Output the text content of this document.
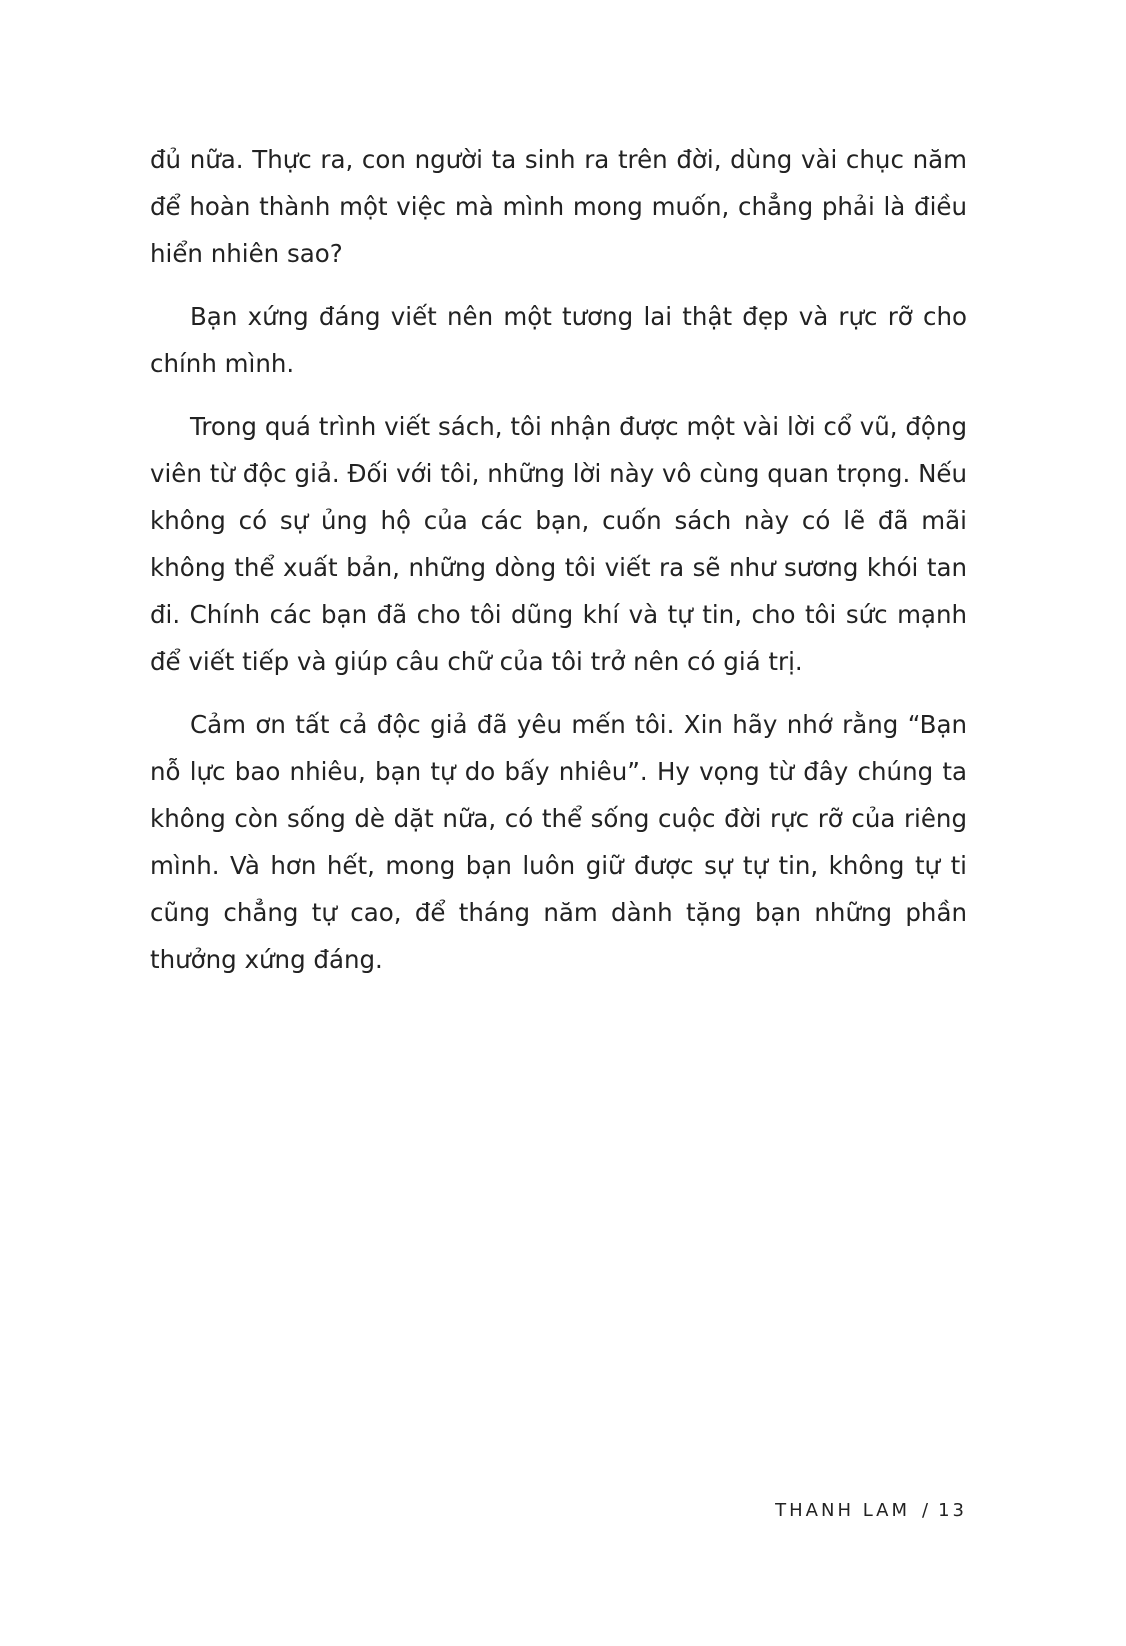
đủ nữa. Thực ra, con người ta sinh ra trên đời, dùng vài chục năm để hoàn thành một việc mà mình mong muốn, chẳng phải là điều hiển nhiên sao?

Bạn xứng đáng viết nên một tương lai thật đẹp và rực rỡ cho chính mình.

Trong quá trình viết sách, tôi nhận được một vài lời cổ vũ, động viên từ độc giả. Đối với tôi, những lời này vô cùng quan trọng. Nếu không có sự ủng hộ của các bạn, cuốn sách này có lẽ đã mãi không thể xuất bản, những dòng tôi viết ra sẽ như sương khói tan đi. Chính các bạn đã cho tôi dũng khí và tự tin, cho tôi sức mạnh để viết tiếp và giúp câu chữ của tôi trở nên có giá trị.

Cảm ơn tất cả độc giả đã yêu mến tôi. Xin hãy nhớ rằng “Bạn nỗ lực bao nhiêu, bạn tự do bấy nhiêu”. Hy vọng từ đây chúng ta không còn sống dè dặt nữa, có thể sống cuộc đời rực rỡ của riêng mình. Và hơn hết, mong bạn luôn giữ được sự tự tin, không tự ti cũng chẳng tự cao, để tháng năm dành tặng bạn những phần thưởng xứng đáng.

THANH LAM / 13
